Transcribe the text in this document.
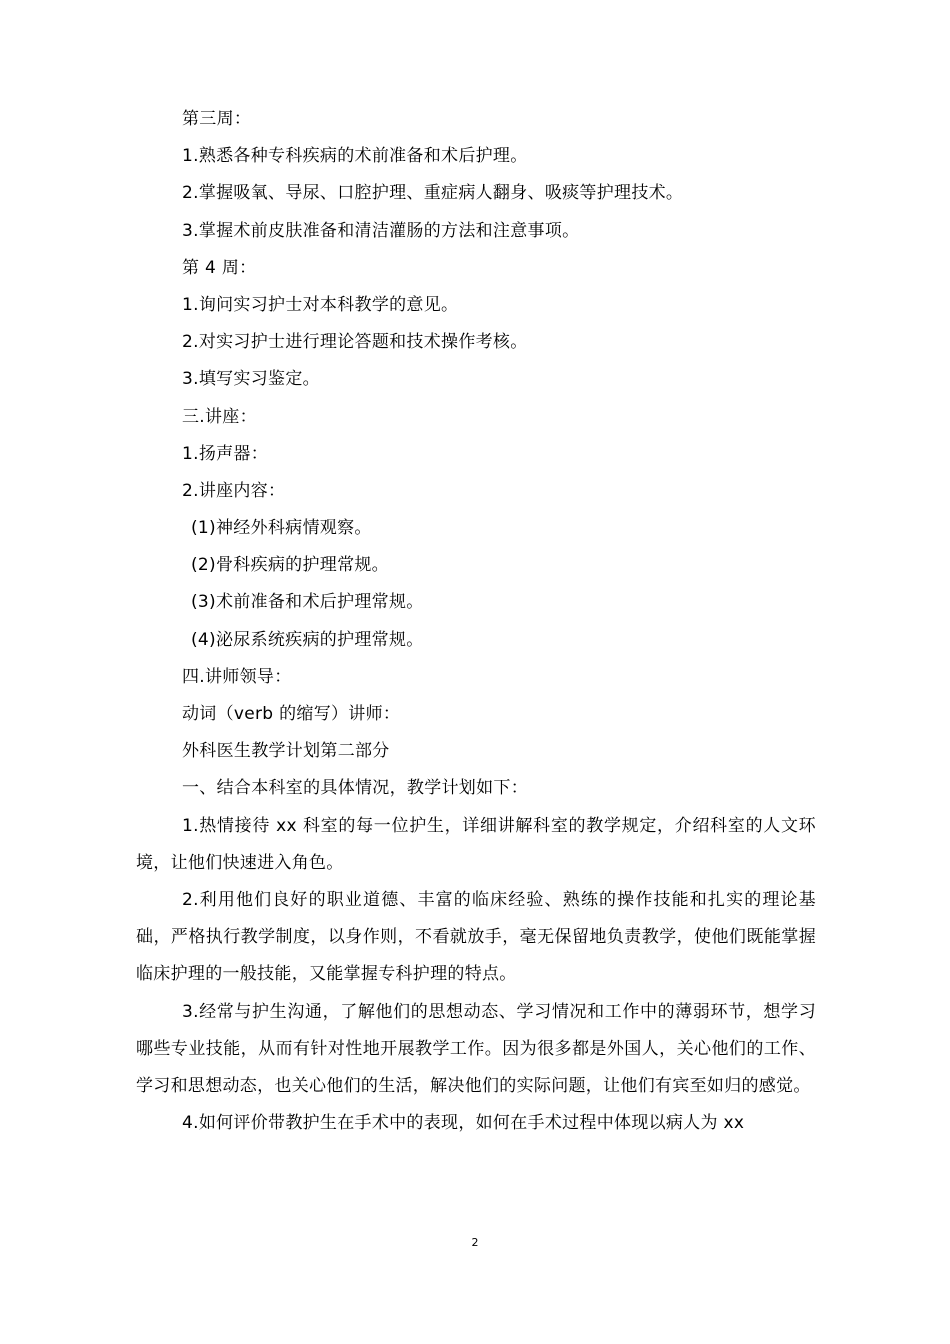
第三周：
1.熟悉各种专科疾病的术前准备和术后护理。
2.掌握吸氧、导尿、口腔护理、重症病人翻身、吸痰等护理技术。
3.掌握术前皮肤准备和清洁灌肠的方法和注意事项。
第 4 周：
1.询问实习护士对本科教学的意见。
2.对实习护士进行理论答题和技术操作考核。
3.填写实习鉴定。
三.讲座：
1.扬声器：
2.讲座内容：
(1)神经外科病情观察。
(2)骨科疾病的护理常规。
(3)术前准备和术后护理常规。
(4)泌尿系统疾病的护理常规。
四.讲师领导：
动词（verb 的缩写）讲师：
外科医生教学计划第二部分
一、结合本科室的具体情况，教学计划如下：

1.热情接待 xx 科室的每一位护生，详细讲解科室的教学规定，介绍科室的人文环境，让他们快速进入角色。

2.利用他们良好的职业道德、丰富的临床经验、熟练的操作技能和扎实的理论基础，严格执行教学制度，以身作则，不看就放手，毫无保留地负责教学，使他们既能掌握临床护理的一般技能，又能掌握专科护理的特点。

3.经常与护生沟通，了解他们的思想动态、学习情况和工作中的薄弱环节，想学习哪些专业技能，从而有针对性地开展教学工作。因为很多都是外国人，关心他们的工作、学习和思想动态，也关心他们的生活，解决他们的实际问题，让他们有宾至如归的感觉。

4.如何评价带教护生在手术中的表现，如何在手术过程中体现以病人为 xx

2
